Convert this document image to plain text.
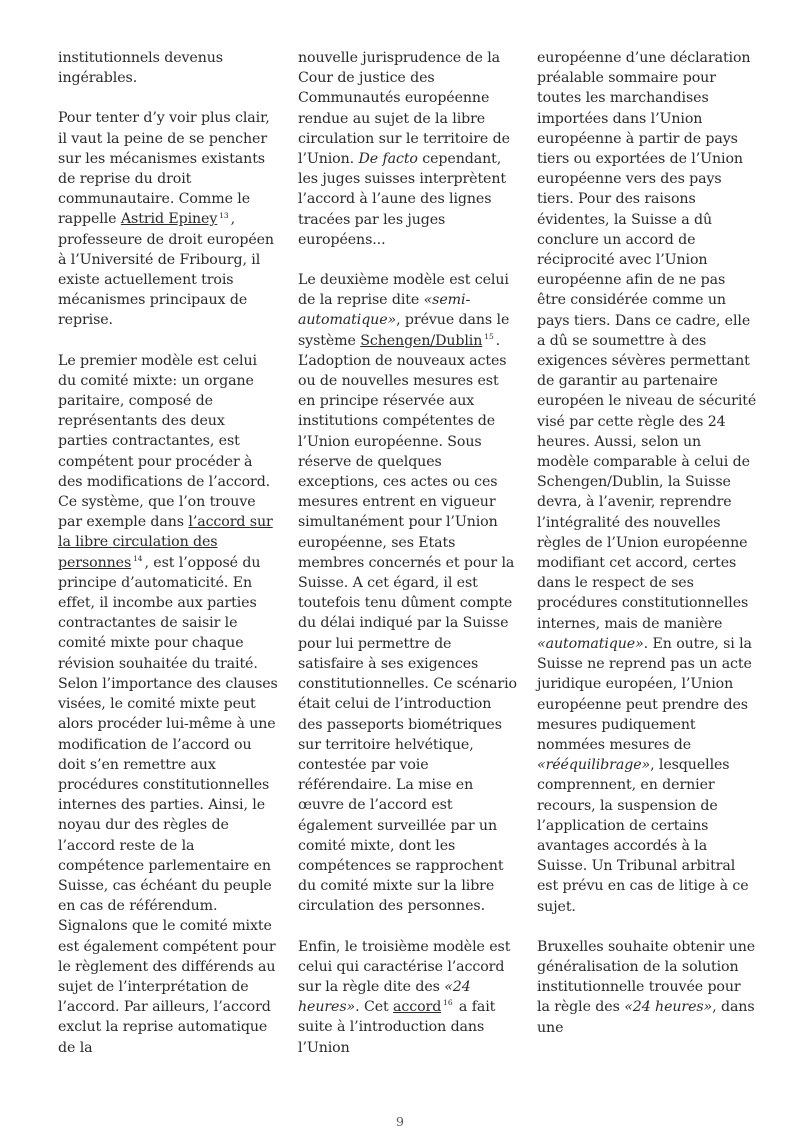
institutionnels devenus ingérables.

Pour tenter d’y voir plus clair, il vaut la peine de se pencher sur les mécanismes existants de reprise du droit communautaire. Comme le rappelle Astrid Epiney $^{13}$ , professeure de droit européen à l’Université de Fribourg, il existe actuellement trois mécanismes principaux de reprise.

Le premier modèle est celui du comité mixte: un organe paritaire, composé de représentants des deux parties contractantes, est compétent pour procéder à des modifications de l’accord. Ce système, que l’on trouve par exemple dans l’accord sur la libre circulation des personnes $^{14}$ , est l’opposé du principe d’automaticité. En effet, il incombe aux parties contractantes de saisir le comité mixte pour chaque révision souhaitée du traité. Selon l’importance des clauses visées, le comité mixte peut alors procéder lui-même à une modification de l’accord ou doit s’en remettre aux procédures constitutionnelles internes des parties. Ainsi, le noyau dur des règles de l’accord reste de la compétence parlementaire en Suisse, cas échéant du peuple en cas de référendum. Signalons que le comité mixte est également compétent pour le règlement des différends au sujet de l’interprétation de l’accord. Par ailleurs, l’accord exclut la reprise automatique de la

nouvelle jurisprudence de la Cour de justice des Communautés européenne rendue au sujet de la libre circulation sur le territoire de l’Union. De facto cependant, les juges suisses interprètent l’accord à l’aune des lignes tracées par les juges européens...

Le deuxième modèle est celui de la reprise dite «semi-automatique», prévue dans le système Schengen/Dublin $^{15}$ . L’adoption de nouveaux actes ou de nouvelles mesures est en principe réservée aux institutions compétentes de l’Union européenne. Sous réserve de quelques exceptions, ces actes ou ces mesures entrent en vigueur simultanément pour l’Union européenne, ses Etats membres concernés et pour la Suisse. A cet égard, il est toutefois tenu dûment compte du délai indiqué par la Suisse pour lui permettre de satisfaire à ses exigences constitutionnelles. Ce scénario était celui de l’introduction des passeports biométriques sur territoire helvétique, contestée par voie référendaire. La mise en œuvre de l’accord est également surveillée par un comité mixte, dont les compétences se rapprochent du comité mixte sur la libre circulation des personnes.

Enfin, le troisième modèle est celui qui caractérise l’accord sur la règle dite des «24 heures». Cet accord $^{16}$ a fait suite à l’introduction dans l’Union

européenne d’une déclaration préalable sommaire pour toutes les marchandises importées dans l’Union européenne à partir de pays tiers ou exportées de l’Union européenne vers des pays tiers. Pour des raisons évidentes, la Suisse a dû conclure un accord de réciprocité avec l’Union européenne afin de ne pas être considérée comme un pays tiers. Dans ce cadre, elle a dû se soumettre à des exigences sévères permettant de garantir au partenaire européen le niveau de sécurité visé par cette règle des 24 heures. Aussi, selon un modèle comparable à celui de Schengen/Dublin, la Suisse devra, à l’avenir, reprendre l’intégralité des nouvelles règles de l’Union européenne modifiant cet accord, certes dans le respect de ses procédures constitutionnelles internes, mais de manière «automatique». En outre, si la Suisse ne reprend pas un acte juridique européen, l’Union européenne peut prendre des mesures pudiquement nommées mesures de «rééquilibrage», lesquelles comprennent, en dernier recours, la suspension de l’application de certains avantages accordés à la Suisse. Un Tribunal arbitral est prévu en cas de litige à ce sujet.

Bruxelles souhaite obtenir une généralisation de la solution institutionnelle trouvée pour la règle des «24 heures», dans une

9
